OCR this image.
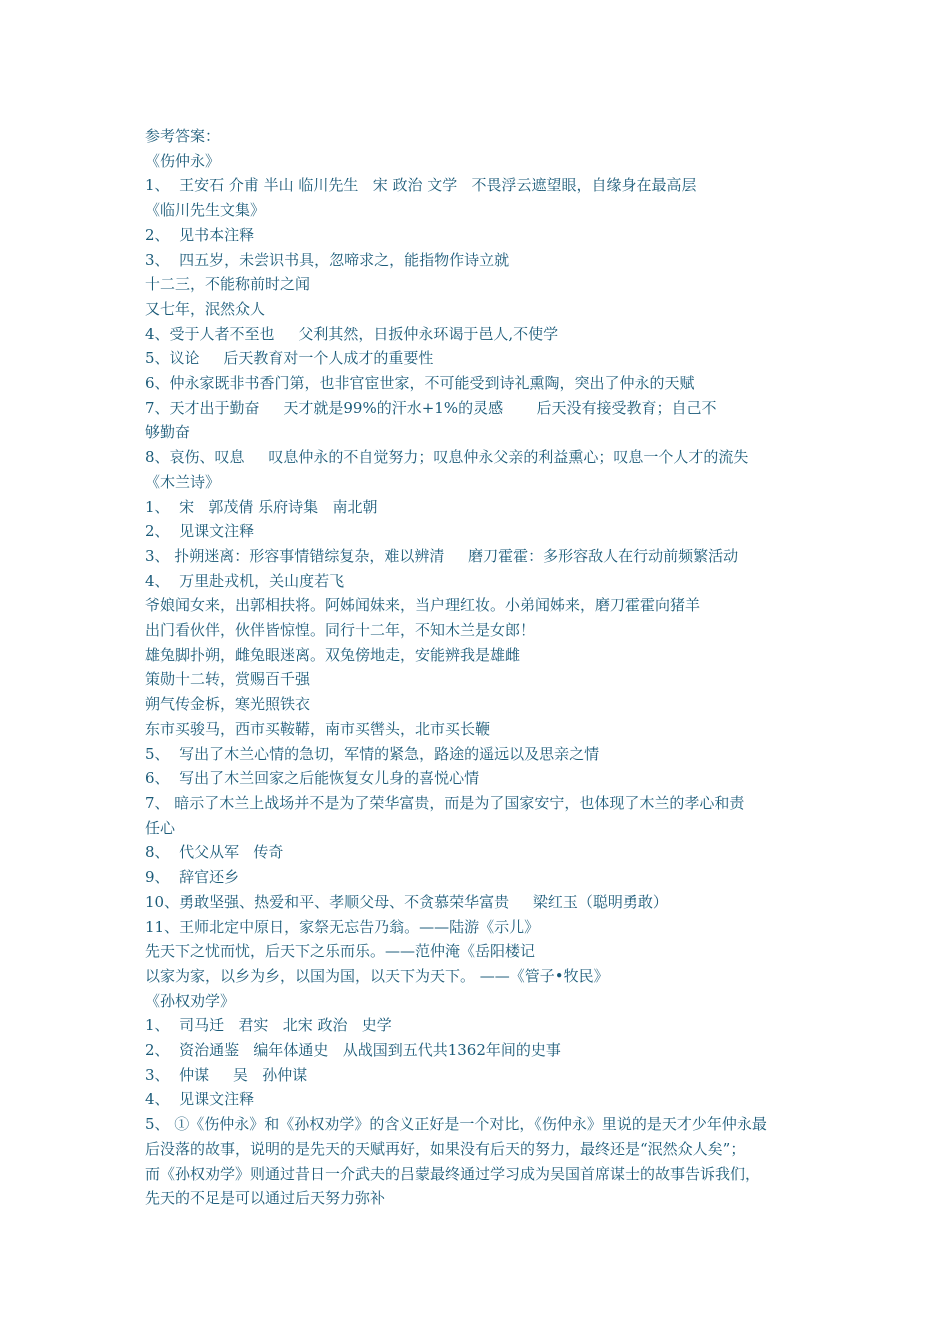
参考答案：
《伤仲永》
1、  王安石 介甫 半山 临川先生   宋 政治 文学   不畏浮云遮望眼，自缘身在最高层
《临川先生文集》
2、  见书本注释
3、  四五岁，未尝识书具，忽啼求之，能指物作诗立就
十二三，不能称前时之闻
又七年，泯然众人
4、受于人者不至也     父利其然，日扳仲永环谒于邑人,不使学
5、议论     后天教育对一个人成才的重要性
6、仲永家既非书香门第，也非官宦世家，不可能受到诗礼熏陶，突出了仲永的天赋
7、天才出于勤奋     天才就是99%的汗水+1%的灵感       后天没有接受教育；自己不
够勤奋
8、哀伤、叹息     叹息仲永的不自觉努力；叹息仲永父亲的利益熏心；叹息一个人才的流失
《木兰诗》
1、  宋   郭茂倩 乐府诗集   南北朝
2、  见课文注释
3、 扑朔迷离：形容事情错综复杂，难以辨清     磨刀霍霍：多形容敌人在行动前频繁活动
4、  万里赴戎机，关山度若飞
爷娘闻女来，出郭相扶将。阿姊闻妹来，当户理红妆。小弟闻姊来，磨刀霍霍向猪羊
出门看伙伴，伙伴皆惊惶。同行十二年，不知木兰是女郎！
雄兔脚扑朔，雌兔眼迷离。双兔傍地走，安能辨我是雄雌
策勋十二转，赏赐百千强
朔气传金柝，寒光照铁衣
东市买骏马，西市买鞍鞯，南市买辔头，北市买长鞭
5、  写出了木兰心情的急切，军情的紧急，路途的遥远以及思亲之情
6、  写出了木兰回家之后能恢复女儿身的喜悦心情
7、 暗示了木兰上战场并不是为了荣华富贵，而是为了国家安宁，也体现了木兰的孝心和责
任心
8、  代父从军   传奇
9、  辞官还乡
10、勇敢坚强、热爱和平、孝顺父母、不贪慕荣华富贵     梁红玉（聪明勇敢）
11、王师北定中原日，家祭无忘告乃翁。——陆游《示儿》
先天下之忧而忧，后天下之乐而乐。——范仲淹《岳阳楼记
以家为家，以乡为乡，以国为国，以天下为天下。 ——《管子•牧民》
《孙权劝学》
1、  司马迁   君实   北宋 政治   史学
2、  资治通鉴   编年体通史   从战国到五代共1362年间的史事
3、  仲谋     吴   孙仲谋
4、  见课文注释
5、 ①《伤仲永》和《孙权劝学》的含义正好是一个对比，《伤仲永》里说的是天才少年仲永最
后没落的故事，说明的是先天的天赋再好，如果没有后天的努力，最终还是“泯然众人矣”；
而《孙权劝学》则通过昔日一介武夫的吕蒙最终通过学习成为吴国首席谋士的故事告诉我们，
先天的不足是可以通过后天努力弥补
